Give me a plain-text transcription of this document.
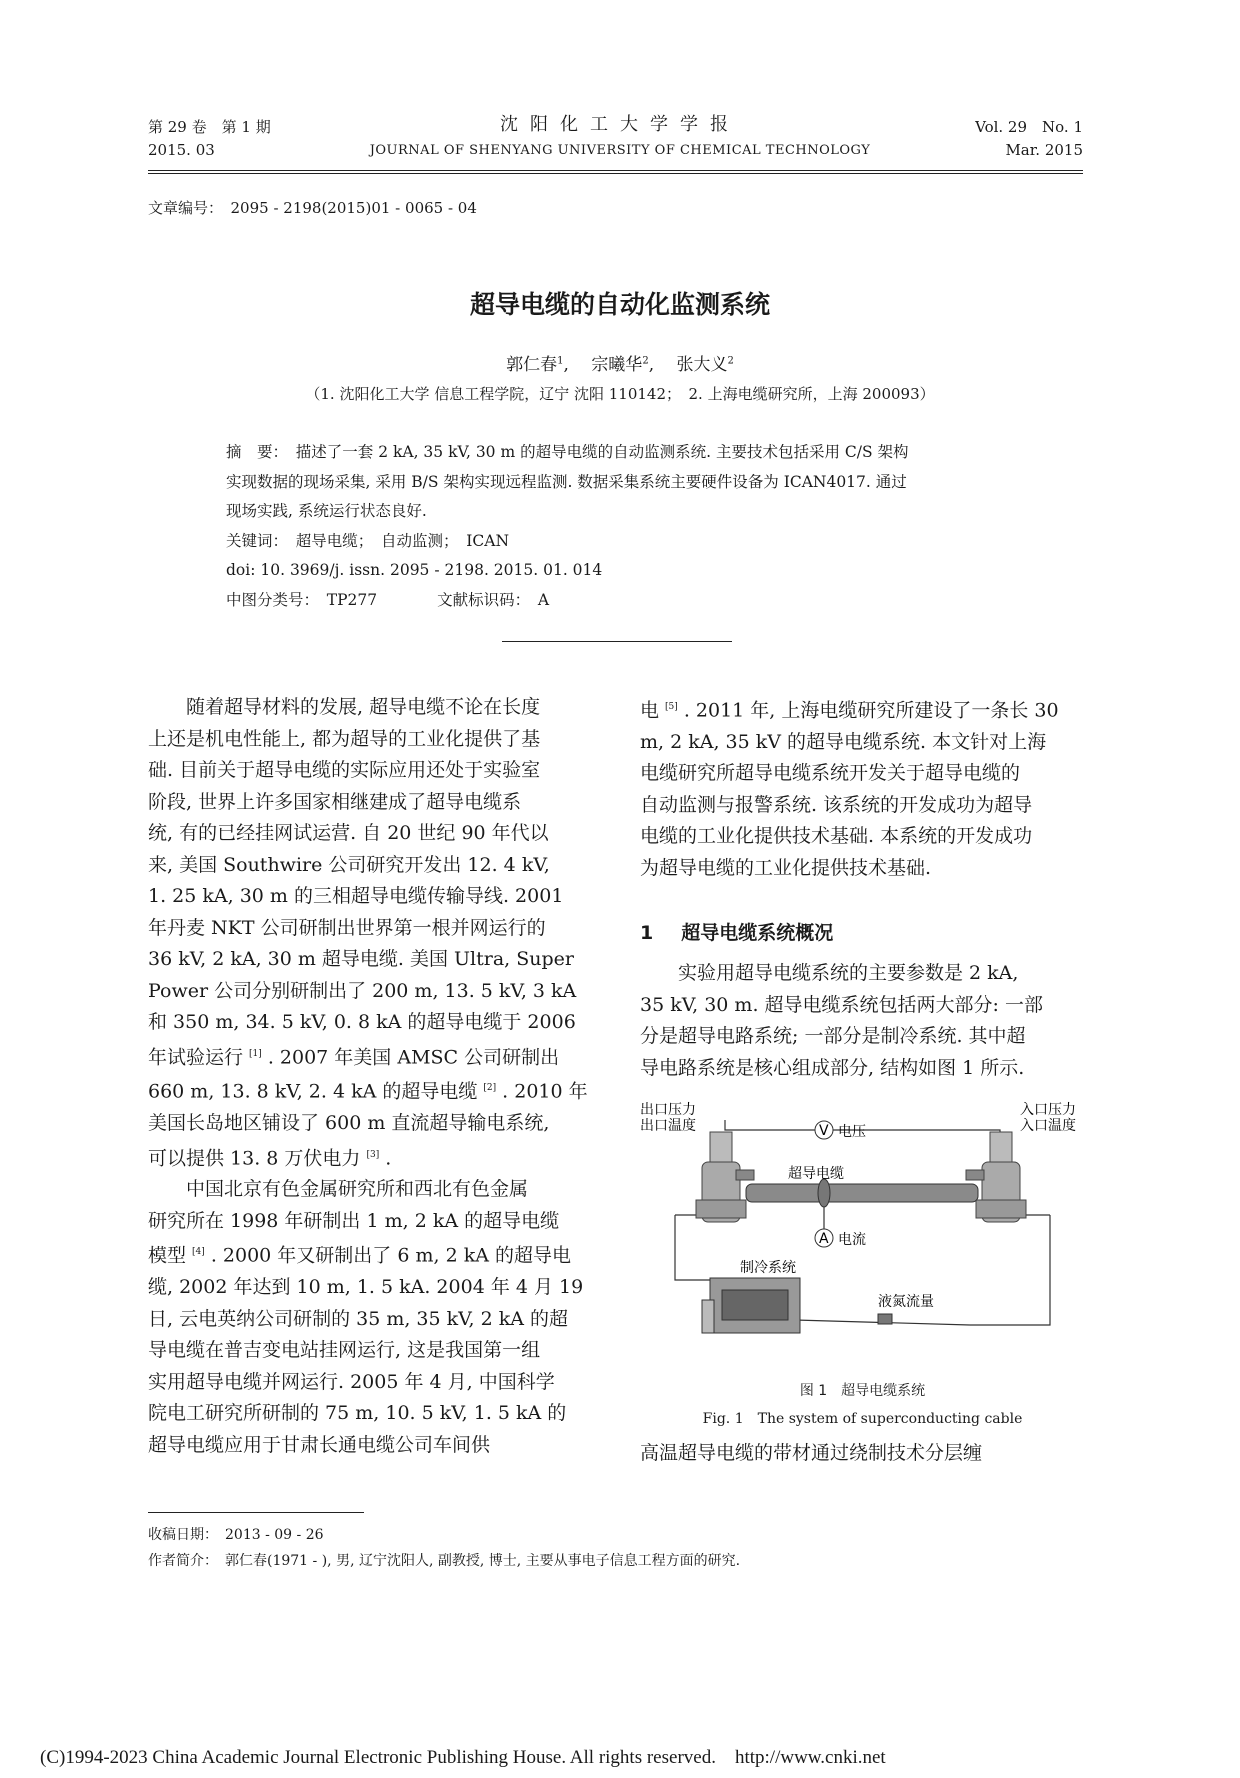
第 29 卷　第 1 期
2015. 03
沈阳化工大学学报
JOURNAL OF SHENYANG UNIVERSITY OF CHEMICAL TECHNOLOGY
Vol. 29　No. 1
Mar. 2015
文章编号：　2095 - 2198(2015)01 - 0065 - 04
超导电缆的自动化监测系统
郭仁春$^1$,　 宗曦华$^2$,　 张大义$^2$
（1. 沈阳化工大学 信息工程学院，辽宁 沈阳 110142；　2. 上海电缆研究所，上海 200093）
摘　要：　 描述了一套 2 kA, 35 kV, 30 m 的超导电缆的自动监测系统. 主要技术包括采用 C/S 架构
实现数据的现场采集, 采用 B/S 架构实现远程监测. 数据采集系统主要硬件设备为 ICAN4017. 通过
现场实践, 系统运行状态良好.
关键词：　 超导电缆；　自动监测；　ICAN
doi: 10. 3969/j. issn. 2095 - 2198. 2015. 01. 014
中图分类号：　 TP277	文献标识码：　 A
随着超导材料的发展, 超导电缆不论在长度
上还是机电性能上, 都为超导的工业化提供了基
础. 目前关于超导电缆的实际应用还处于实验室
阶段, 世界上许多国家相继建成了超导电缆系
统, 有的已经挂网试运营. 自 20 世纪 90 年代以
来, 美国 Southwire 公司研究开发出 12. 4 kV,
1. 25 kA, 30 m 的三相超导电缆传输导线. 2001
年丹麦 NKT 公司研制出世界第一根并网运行的
36 kV, 2 kA, 30 m 超导电缆. 美国 Ultra, Super
Power 公司分别研制出了 200 m, 13. 5 kV, 3 kA
和 350 m, 34. 5 kV, 0. 8 kA 的超导电缆于 2006
年试验运行 [1] . 2007 年美国 AMSC 公司研制出
660 m, 13. 8 kV, 2. 4 kA 的超导电缆 [2] . 2010 年
美国长岛地区铺设了 600 m 直流超导输电系统,
可以提供 13. 8 万伏电力 [3] .
中国北京有色金属研究所和西北有色金属
研究所在 1998 年研制出 1 m, 2 kA 的超导电缆
模型 [4] . 2000 年又研制出了 6 m, 2 kA 的超导电
缆, 2002 年达到 10 m, 1. 5 kA. 2004 年 4 月 19
日, 云电英纳公司研制的 35 m, 35 kV, 2 kA 的超
导电缆在普吉变电站挂网运行, 这是我国第一组
实用超导电缆并网运行. 2005 年 4 月, 中国科学
院电工研究所研制的 75 m, 10. 5 kV, 1. 5 kA 的
超导电缆应用于甘肃长通电缆公司车间供
电 [5] . 2011 年, 上海电缆研究所建设了一条长 30
m, 2 kA, 35 kV 的超导电缆系统. 本文针对上海
电缆研究所超导电缆系统开发关于超导电缆的
自动监测与报警系统. 该系统的开发成功为超导
电缆的工业化提供技术基础. 本系统的开发成功
为超导电缆的工业化提供技术基础.
1 超导电缆系统概况
实验用超导电缆系统的主要参数是 2 kA,
35 kV, 30 m. 超导电缆系统包括两大部分: 一部
分是超导电路系统; 一部分是制冷系统. 其中超
导电路系统是核心组成部分, 结构如图 1 所示.
出口压力
出口温度
入口压力
入口温度
V 电压
超导电缆
A 电流
制冷系统
液氮流量
图 1　超导电缆系统
Fig. 1　The system of superconducting cable
高温超导电缆的带材通过绕制技术分层缠
收稿日期：　2013 - 09 - 26
作者简介：　郭仁春(1971 - ), 男, 辽宁沈阳人, 副教授, 博士, 主要从事电子信息工程方面的研究.
(C)1994-2023 China Academic Journal Electronic Publishing House. All rights reserved.　http://www.cnki.net
